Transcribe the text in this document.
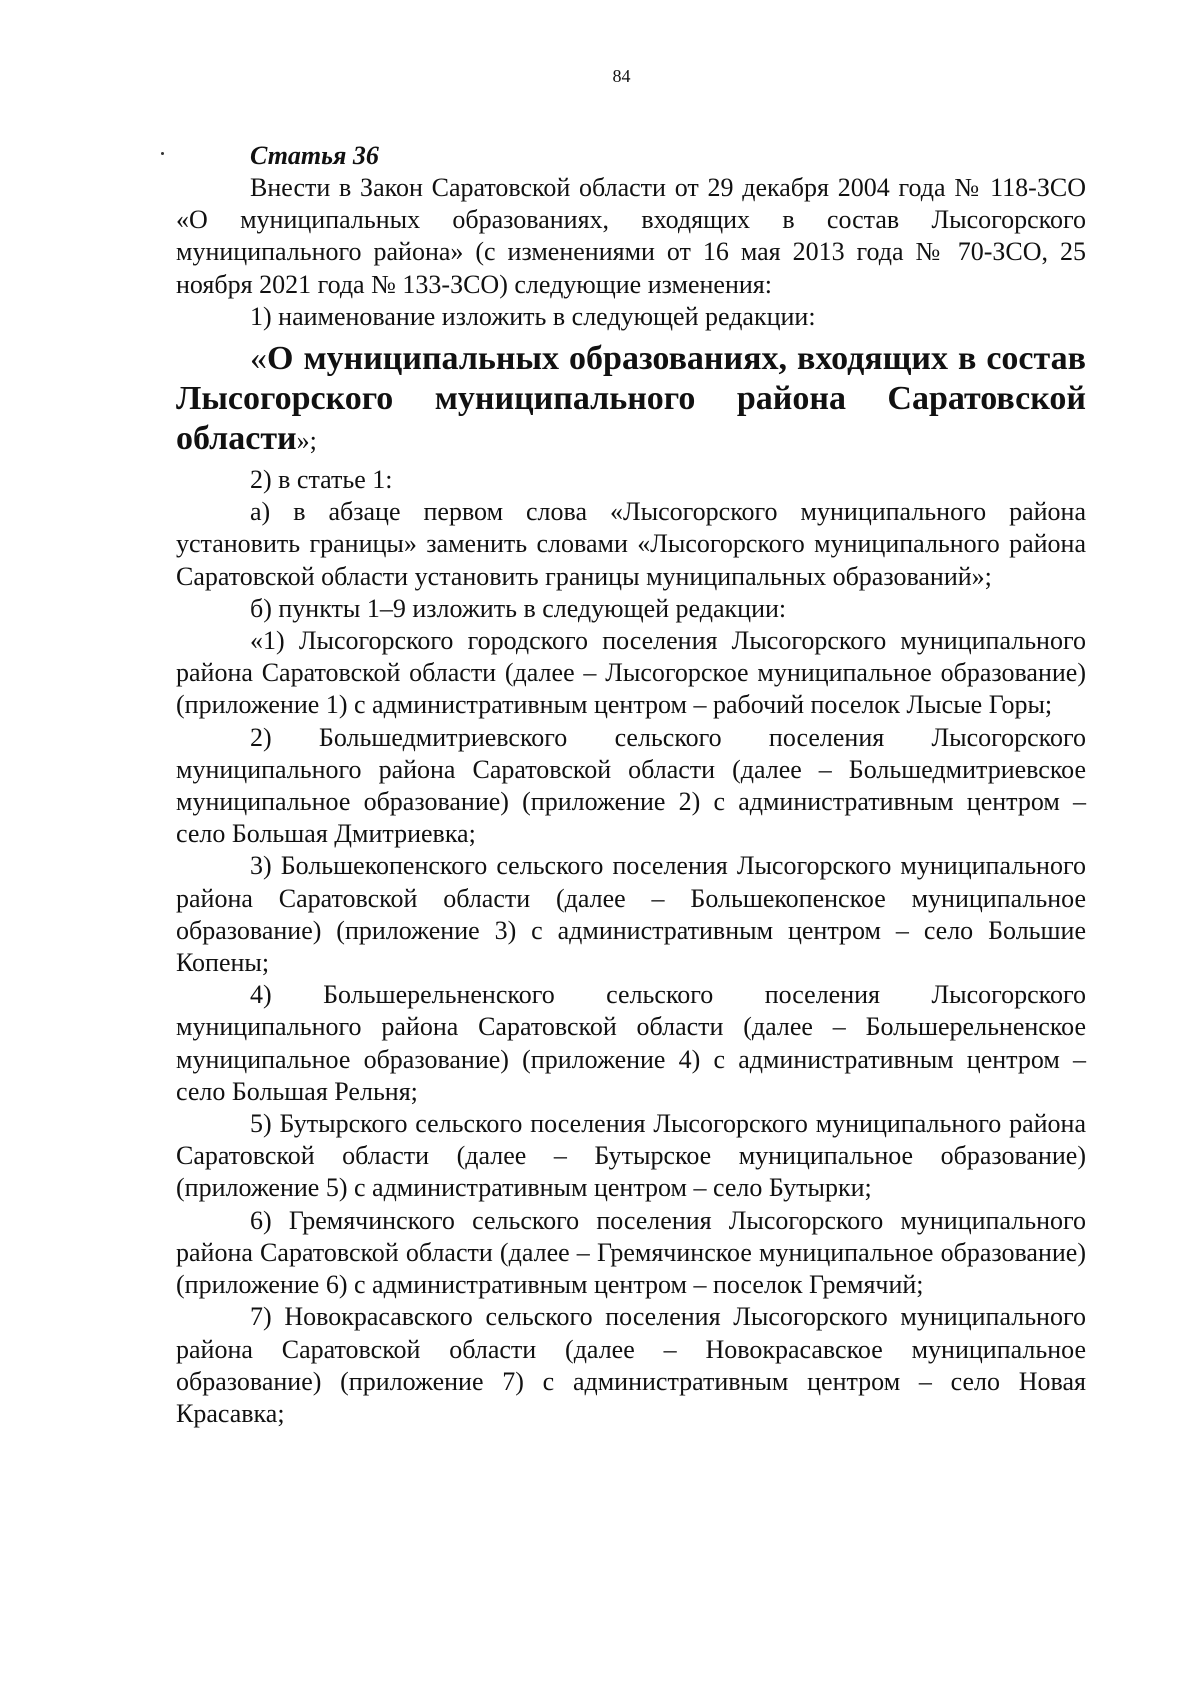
84
Статья 36

Внести в Закон Саратовской области от 29 декабря 2004 года № 118-ЗСО «О муниципальных образованиях, входящих в состав Лысогорского муниципального района» (с изменениями от 16 мая 2013 года № 70-ЗСО, 25 ноября 2021 года № 133-ЗСО) следующие изменения:

1) наименование изложить в следующей редакции:

«О муниципальных образованиях, входящих в состав Лысогорского муниципального района Саратовской области»;

2) в статье 1:

а) в абзаце первом слова «Лысогорского муниципального района установить границы» заменить словами «Лысогорского муниципального района Саратовской области установить границы муниципальных образований»;

б) пункты 1–9 изложить в следующей редакции:

«1) Лысогорского городского поселения Лысогорского муниципального района Саратовской области (далее – Лысогорское муниципальное образование) (приложение 1) с административным центром – рабочий поселок Лысые Горы;

2) Большедмитриевского сельского поселения Лысогорского муниципального района Саратовской области (далее – Большедмитриевское муниципальное образование) (приложение 2) с административным центром – село Большая Дмитриевка;

3) Большекопенского сельского поселения Лысогорского муниципального района Саратовской области (далее – Большекопенское муниципальное образование) (приложение 3) с административным центром – село Большие Копены;

4) Большерельненского сельского поселения Лысогорского муниципального района Саратовской области (далее – Большерельненское муниципальное образование) (приложение 4) с административным центром – село Большая Рельня;

5) Бутырского сельского поселения Лысогорского муниципального района Саратовской области (далее – Бутырское муниципальное образование) (приложение 5) с административным центром – село Бутырки;

6) Гремячинского сельского поселения Лысогорского муниципального района Саратовской области (далее – Гремячинское муниципальное образование) (приложение 6) с административным центром – поселок Гремячий;

7) Новокрасавского сельского поселения Лысогорского муниципального района Саратовской области (далее – Новокрасавское муниципальное образование) (приложение 7) с административным центром – село Новая Красавка;
